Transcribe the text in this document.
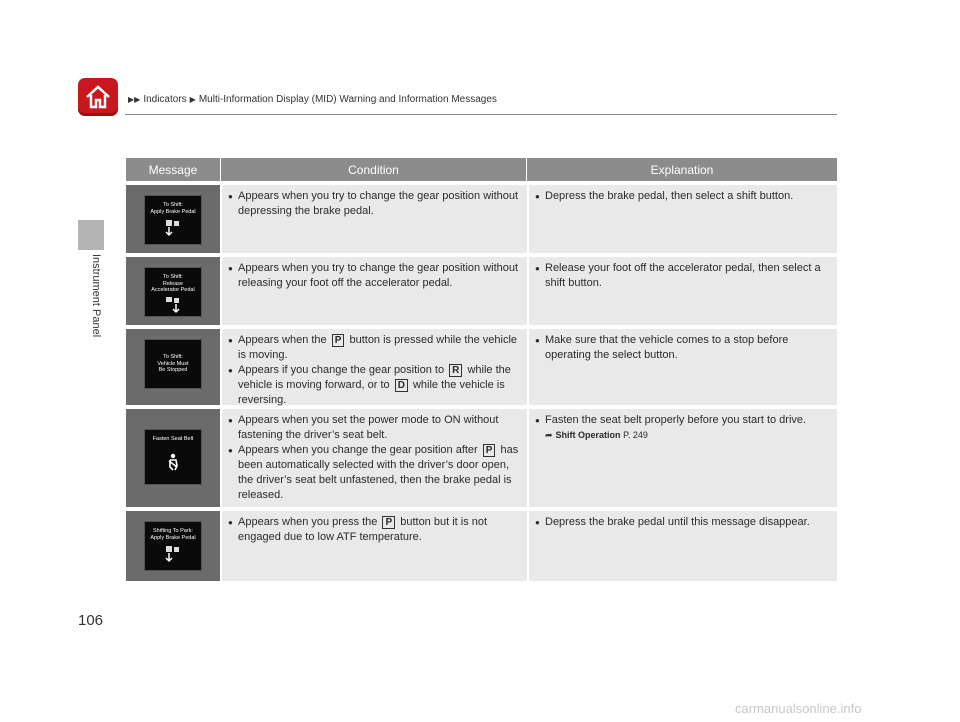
Instrument Panel
▶▶ Indicators ▶ Multi-Information Display (MID) Warning and Information Messages
Message	Condition	Explanation
To Shift:
Apply Brake Pedal
● Appears when you try to change the gear position without depressing the brake pedal.
● Depress the brake pedal, then select a shift button.
To Shift:
Release
Accelerator Pedal
● Appears when you try to change the gear position without releasing your foot off the accelerator pedal.
● Release your foot off the accelerator pedal, then select a shift button.
To Shift:
Vehicle Must
Be Stopped
● Appears when the P button is pressed while the vehicle is moving.
● Appears if you change the gear position to R while the vehicle is moving forward, or to D while the vehicle is reversing.
● Make sure that the vehicle comes to a stop before operating the select button.
Fasten Seat Belt
● Appears when you set the power mode to ON without fastening the driver’s seat belt.
● Appears when you change the gear position after P has been automatically selected with the driver’s door open, the driver’s seat belt unfastened, then the brake pedal is released.
● Fasten the seat belt properly before you start to drive.
➦ Shift Operation P. 249
Shifting To Park:
Apply Brake Pedal
● Appears when you press the P button but it is not engaged due to low ATF temperature.
● Depress the brake pedal until this message disappear.
106
carmanualsonline.info
